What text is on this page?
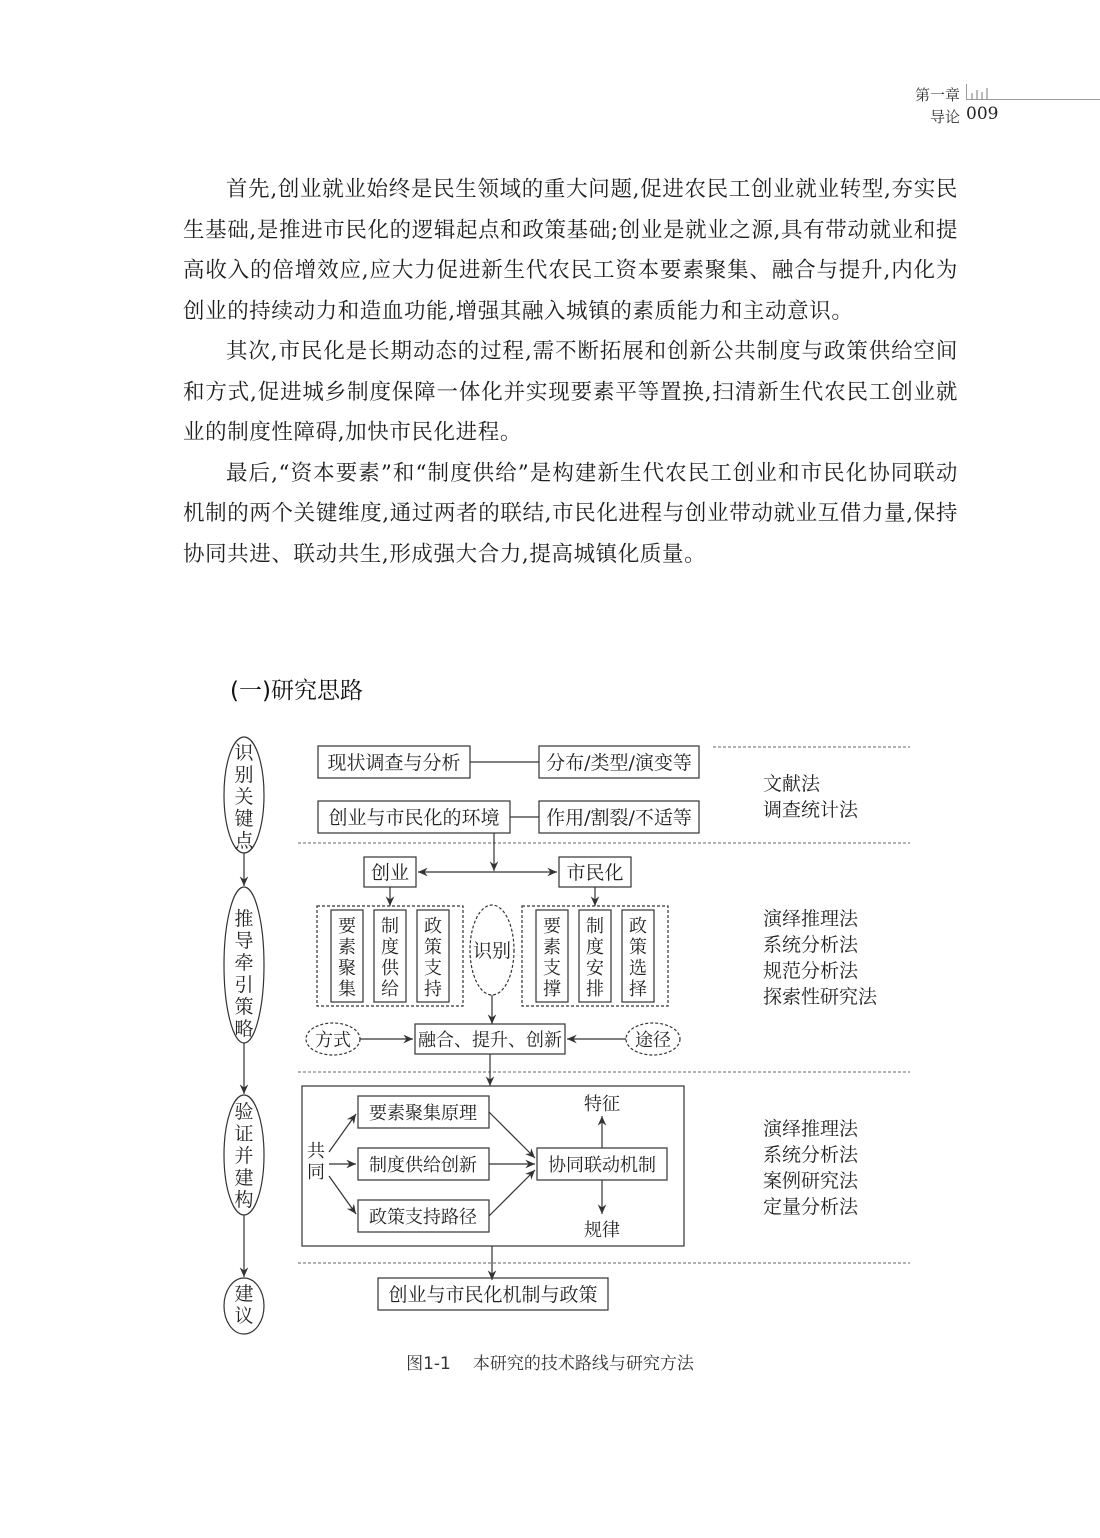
第一章
导论 009

首先,创业就业始终是民生领域的重大问题,促进农民工创业就业转型,夯实民生基础,是推进市民化的逻辑起点和政策基础;创业是就业之源,具有带动就业和提高收入的倍增效应,应大力促进新生代农民工资本要素聚集、融合与提升,内化为创业的持续动力和造血功能,增强其融入城镇的素质能力和主动意识。

其次,市民化是长期动态的过程,需不断拓展和创新公共制度与政策供给空间和方式,促进城乡制度保障一体化并实现要素平等置换,扫清新生代农民工创业就业的制度性障碍,加快市民化进程。

最后,“资本要素”和“制度供给”是构建新生代农民工创业和市民化协同联动机制的两个关键维度,通过两者的联结,市民化进程与创业带动就业互借力量,保持协同共进、联动共生,形成强大合力,提高城镇化质量。

(一)研究思路
识
别
关
键
点
推
导
牵
引
策
略
验
证
并
建
构
建
议
现状调查与分析	分布/类型/演变等
创业与市民化的环境 作用/割裂/不适等
文献法
调查统计法
创业	市民化
要
素
聚
集
制
度
供
给
政
策
支
持
要
素
支
撑
制
度
安
排
政
策
选
择
识别
方式	途径
融合、提升、创新
演绎推理法
系统分析法
规范分析法
探索性研究法
共
同
要素聚集原理
制度供给创新
政策支持路径
协同联动机制
特征
规律
演绎推理法
系统分析法
案例研究法
定量分析法
创业与市民化机制与政策
图1-1 本研究的技术路线与研究方法
